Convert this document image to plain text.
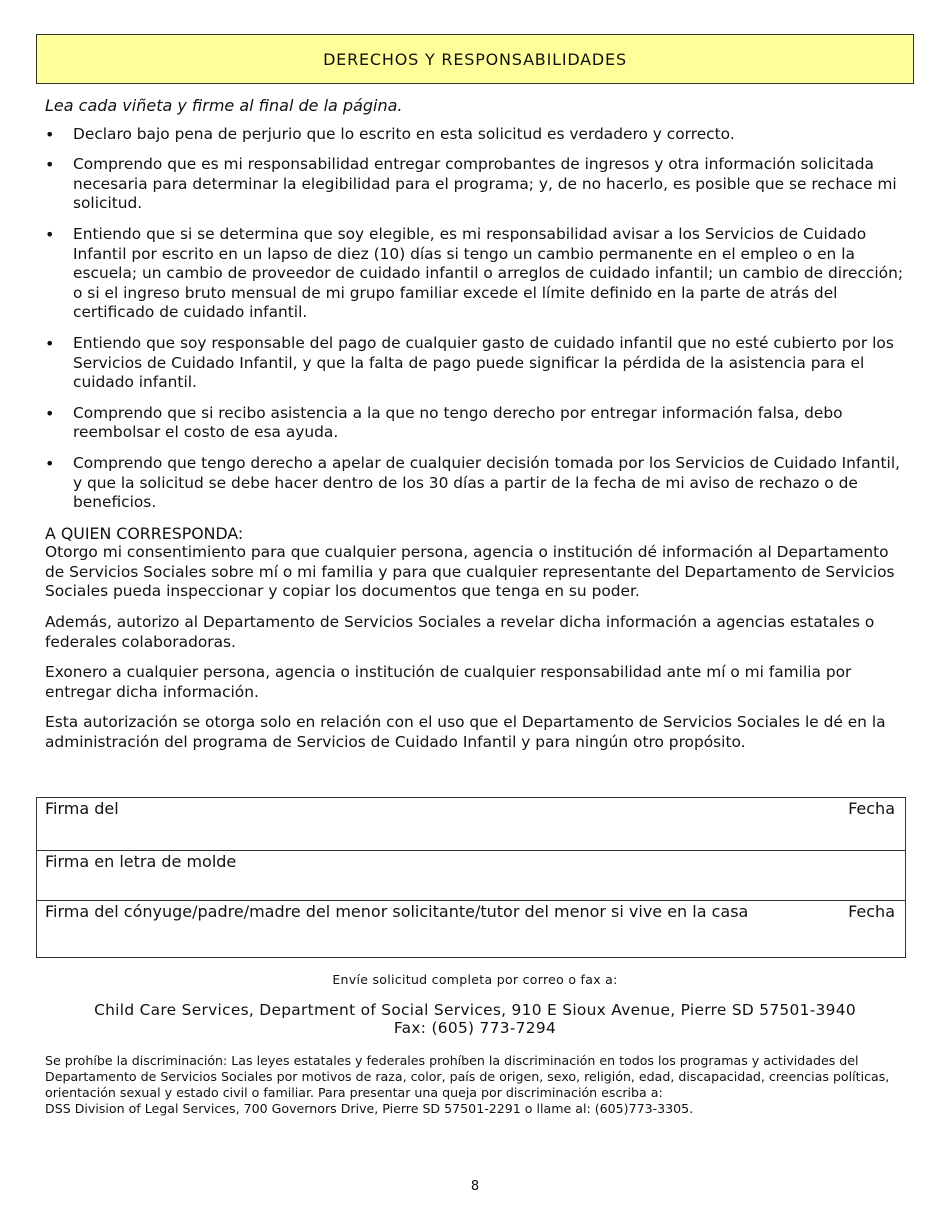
DERECHOS Y RESPONSABILIDADES

Lea cada viñeta y firme al final de la página.

• Declaro bajo pena de perjurio que lo escrito en esta solicitud es verdadero y correcto.
• Comprendo que es mi responsabilidad entregar comprobantes de ingresos y otra información solicitada necesaria para determinar la elegibilidad para el programa; y, de no hacerlo, es posible que se rechace mi solicitud.
• Entiendo que si se determina que soy elegible, es mi responsabilidad avisar a los Servicios de Cuidado Infantil por escrito en un lapso de diez (10) días si tengo un cambio permanente en el empleo o en la escuela; un cambio de proveedor de cuidado infantil o arreglos de cuidado infantil; un cambio de dirección; o si el ingreso bruto mensual de mi grupo familiar excede el límite definido en la parte de atrás del certificado de cuidado infantil.
• Entiendo que soy responsable del pago de cualquier gasto de cuidado infantil que no esté cubierto por los Servicios de Cuidado Infantil, y que la falta de pago puede significar la pérdida de la asistencia para el cuidado infantil.
• Comprendo que si recibo asistencia a la que no tengo derecho por entregar información falsa, debo reembolsar el costo de esa ayuda.
• Comprendo que tengo derecho a apelar de cualquier decisión tomada por los Servicios de Cuidado Infantil, y que la solicitud se debe hacer dentro de los 30 días a partir de la fecha de mi aviso de rechazo o de beneficios.
A QUIEN CORRESPONDA:

Otorgo mi consentimiento para que cualquier persona, agencia o institución dé información al Departamento de Servicios Sociales sobre mí o mi familia y para que cualquier representante del Departamento de Servicios Sociales pueda inspeccionar y copiar los documentos que tenga en su poder.

Además, autorizo al Departamento de Servicios Sociales a revelar dicha información a agencias estatales o federales colaboradoras.

Exonero a cualquier persona, agencia o institución de cualquier responsabilidad ante mí o mi familia por entregar dicha información.

Esta autorización se otorga solo en relación con el uso que el Departamento de Servicios Sociales le dé en la administración del programa de Servicios de Cuidado Infantil y para ningún otro propósito.

Firma del	Fecha
Firma en letra de molde
Firma del cónyuge/padre/madre del menor solicitante/tutor del menor si vive en la casa	Fecha
Envíe solicitud completa por correo o fax a:
Child Care Services, Department of Social Services, 910 E Sioux Avenue, Pierre SD 57501-3940
Fax: (605) 773-7294
Se prohíbe la discriminación: Las leyes estatales y federales prohíben la discriminación en todos los programas y actividades del Departamento de Servicios Sociales por motivos de raza, color, país de origen, sexo, religión, edad, discapacidad, creencias políticas, orientación sexual y estado civil o familiar. Para presentar una queja por discriminación escriba a:
DSS Division of Legal Services, 700 Governors Drive, Pierre SD 57501-2291 o llame al: (605)773-3305.
8
